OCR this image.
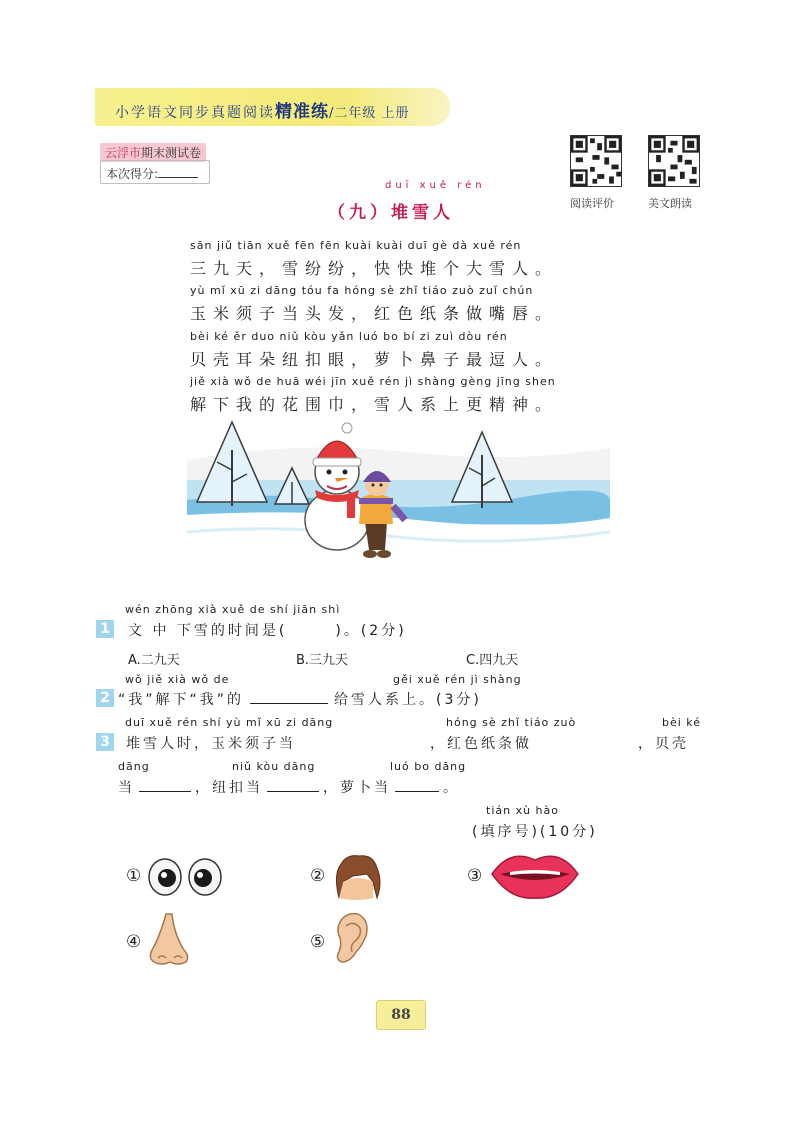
小学语文同步真题阅读精准练/二年级 上册
云浮市期末测试卷
本次得分:
阅读评价	美文朗读
duī xuě rén
（九）堆雪人
sān jiǔ tiān xuě fēn fēn kuài kuài duī gè dà xuě rén
三九天，雪纷纷，快快堆个大雪人。
yù mǐ xū zi dāng tóu fa hóng sè zhǐ tiáo zuò zuǐ chún
玉米须子当头发，红色纸条做嘴唇。
bèi ké ěr duo niǔ kòu yǎn luó bo bí zi zuì dòu rén
贝壳耳朵纽扣眼，萝卜鼻子最逗人。
jiě xià wǒ de huā wéi jīn xuě rén jì shàng gèng jīng shen
解下我的花围巾，雪人系上更精神。
wén zhōng xià xuě de shí jiān shì
1 文 中 下雪的时间是(	)。(2分)
A.二九天	B.三九天	C.四九天
wǒ jiě xià wǒ de	gěi xuě rén jì shàng
2 “我”解下“我”的	给雪人系上。(3分)
duī xuě rén shí yù mǐ xū zi dāng	hóng sè zhǐ tiáo zuò	bèi ké
3 堆雪人时，玉米须子当	，红色纸条做	，贝壳
dāng	niǔ kòu dāng	luó bo dāng
当	，纽扣当	，萝卜当	。
tián xù hào
(填序号)(10分)
①	②	③
④	⑤
88
